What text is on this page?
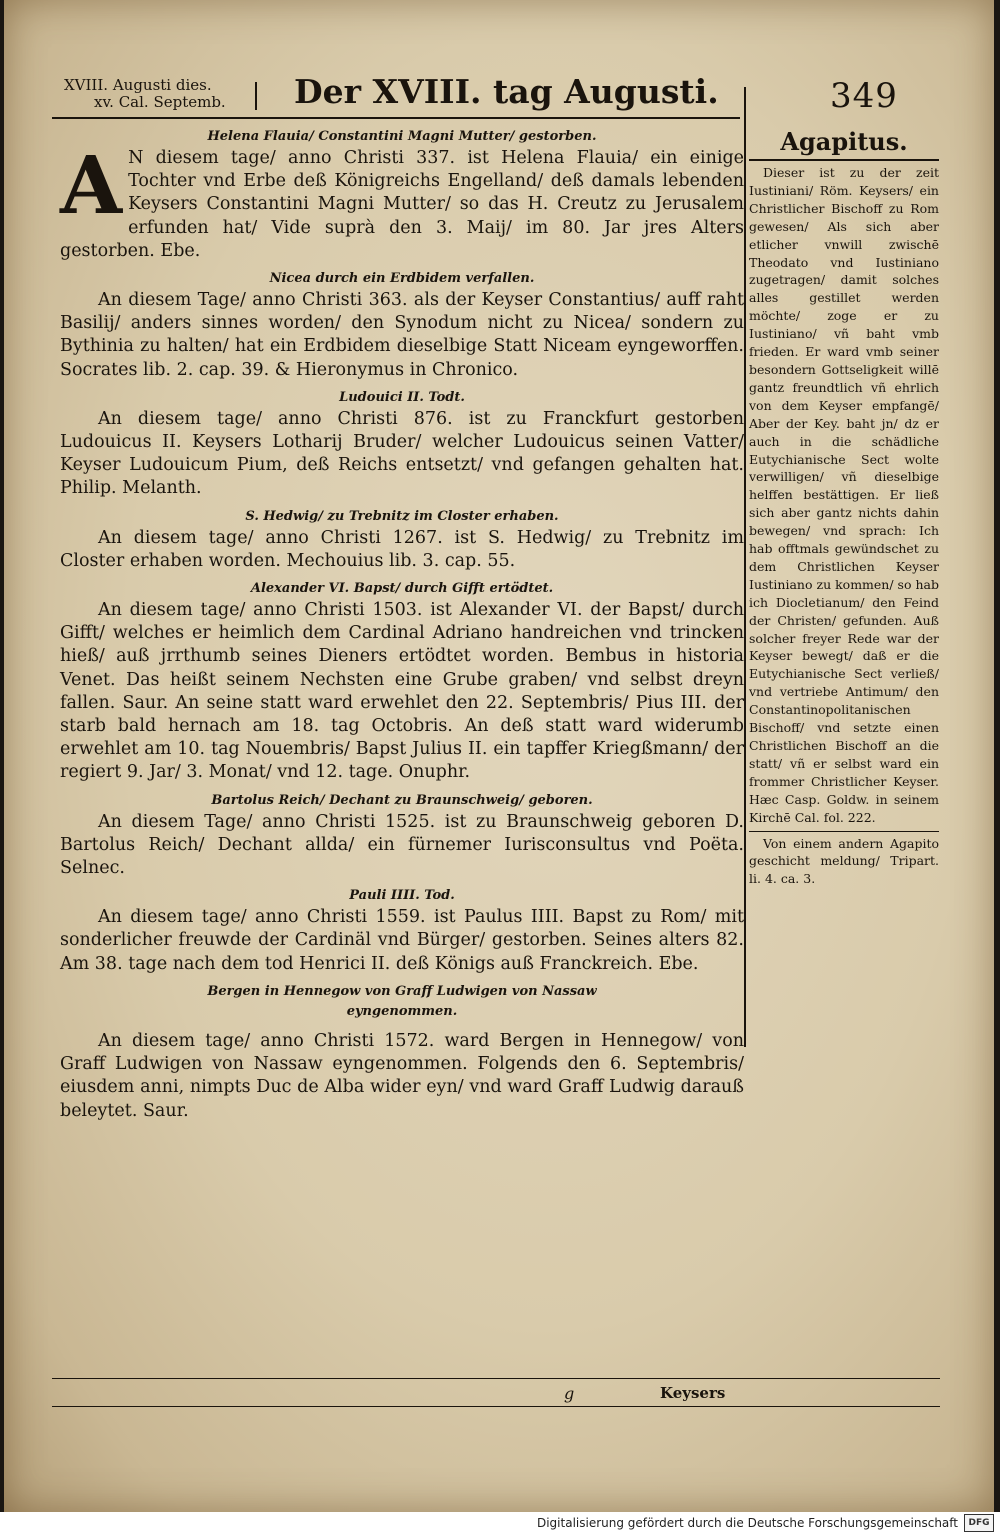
XVIII. Augusti dies.
xv. Cal. Septemb. Der XVIII. tag Augusti.	349

Helena Flauia/ Constantini Magni Mutter/ gestorben.

A N diesem tage/ anno Christi 337. ist Helena Flauia/ ein einige Tochter vnd Erbe deß Königreichs Engelland/ deß damals lebenden Keysers Constantini Magni Mutter/ so das H. Creutz zu Jerusalem erfunden hat/ Vide suprà den 3. Maij/ im 80. Jar jres Alters gestorben. Ebe.

Nicea durch ein Erdbidem verfallen.

An diesem Tage/ anno Christi 363. als der Keyser Constantius/ auff raht Basilij/ anders sinnes worden/ den Synodum nicht zu Nicea/ sondern zu Bythinia zu halten/ hat ein Erdbidem dieselbige Statt Niceam eyngeworffen. Socrates lib. 2. cap. 39. & Hieronymus in Chronico.

Ludouici II. Todt.

An diesem tage/ anno Christi 876. ist zu Franckfurt gestorben Ludouicus II. Keysers Lotharij Bruder/ welcher Ludouicus seinen Vatter/ Keyser Ludouicum Pium, deß Reichs entsetzt/ vnd gefangen gehalten hat. Philip. Melanth.

S. Hedwig/ zu Trebnitz im Closter erhaben.

An diesem tage/ anno Christi 1267. ist S. Hedwig/ zu Trebnitz im Closter erhaben worden. Mechouius lib. 3. cap. 55.

Alexander VI. Bapst/ durch Gifft ertödtet.

An diesem tage/ anno Christi 1503. ist Alexander VI. der Bapst/ durch Gifft/ welches er heimlich dem Cardinal Adriano handreichen vnd trincken hieß/ auß jrrthumb seines Dieners ertödtet worden. Bembus in historia Venet. Das heißt seinem Nechsten eine Grube graben/ vnd selbst dreyn fallen. Saur. An seine statt ward erwehlet den 22. Septembris/ Pius III. der starb bald hernach am 18. tag Octobris. An deß statt ward widerumb erwehlet am 10. tag Nouembris/ Bapst Julius II. ein tapffer Kriegßmann/ der regiert 9. Jar/ 3. Monat/ vnd 12. tage. Onuphr.

Bartolus Reich/ Dechant zu Braunschweig/ geboren.

An diesem Tage/ anno Christi 1525. ist zu Braunschweig geboren D. Bartolus Reich/ Dechant allda/ ein fürnemer Iurisconsultus vnd Poëta. Selnec.

Pauli IIII. Tod.

An diesem tage/ anno Christi 1559. ist Paulus IIII. Bapst zu Rom/ mit sonderlicher freuwde der Cardinäl vnd Bürger/ gestorben. Seines alters 82. Am 38. tage nach dem tod Henrici II. deß Königs auß Franckreich. Ebe.

Bergen in Hennegow von Graff Ludwigen von Nassaw eyngenommen.

An diesem tage/ anno Christi 1572. ward Bergen in Hennegow/ von Graff Ludwigen von Nassaw eyngenommen. Folgends den 6. Septembris/ eiusdem anni, nimpts Duc de Alba wider eyn/ vnd ward Graff Ludwig darauß beleytet. Saur.

Agapitus.

Dieser ist zu der zeit Iustiniani/ Röm. Keysers/ ein Christlicher Bischoff zu Rom gewesen/ Als sich aber etlicher vnwill zwischē Theodato vnd Iustiniano zugetragen/ damit solches alles gestillet werden möchte/ zoge er zu Iustiniano/ vñ baht vmb frieden. Er ward vmb seiner besondern Gottseligkeit willē gantz freundtlich vñ ehrlich von dem Keyser empfangē/ Aber der Key. baht jn/ dz er auch in die schädliche Eutychianische Sect wolte verwilligen/ vñ dieselbige helffen bestättigen. Er ließ sich aber gantz nichts dahin bewegen/ vnd sprach: Ich hab offtmals gewündschet zu dem Christlichen Keyser Iustiniano zu kommen/ so hab ich Diocletianum/ den Feind der Christen/ gefunden. Auß solcher freyer Rede war der Keyser bewegt/ daß er die Eutychianische Sect verließ/ vnd vertriebe Antimum/ den Constantinopolitanischen Bischoff/ vnd setzte einen Christlichen Bischoff an die statt/ vñ er selbst ward ein frommer Christlicher Keyser. Hæc Casp. Goldw. in seinem Kirchē Cal. fol. 222.

Von einem andern Agapito geschicht meldung/ Tripart. li. 4. ca. 3.

g	Keysers
Digitalisierung gefördert durch die Deutsche Forschungsgemeinschaft	DFG
